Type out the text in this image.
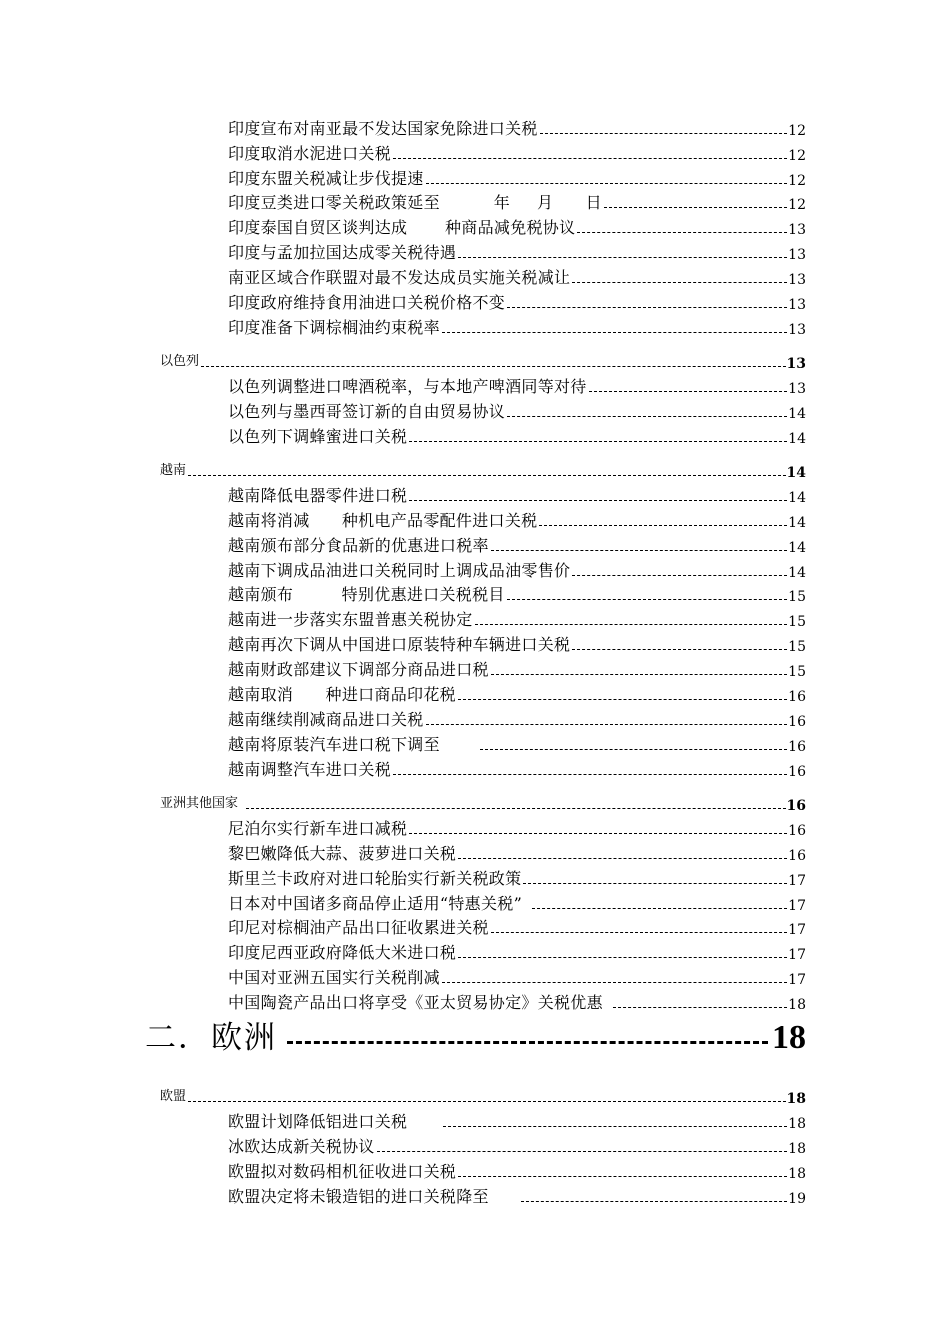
印度宣布对南亚最不发达国家免除进口关税	12
印度取消水泥进口关税	12
印度东盟关税减让步伐提速	12
印度豆类进口零关税政策延至          年     月      日	12
印度泰国自贸区谈判达成       种商品减免税协议	13
印度与孟加拉国达成零关税待遇	13
南亚区域合作联盟对最不发达成员实施关税减让	13
印度政府维持食用油进口关税价格不变	13
印度准备下调棕榈油约束税率	13
以色列	13
以色列调整进口啤酒税率，与本地产啤酒同等对待	13
以色列与墨西哥签订新的自由贸易协议	14
以色列下调蜂蜜进口关税	14
越南	14
越南降低电器零件进口税	14
越南将消减      种机电产品零配件进口关税	14
越南颁布部分食品新的优惠进口税率	14
越南下调成品油进口关税同时上调成品油零售价	14
越南颁布         特别优惠进口关税税目	15
越南进一步落实东盟普惠关税协定	15
越南再次下调从中国进口原装特种车辆进口关税	15
越南财政部建议下调部分商品进口税	15
越南取消      种进口商品印花税	16
越南继续削减商品进口关税	16
越南将原装汽车进口税下调至	16
越南调整汽车进口关税	16
亚洲其他国家	16
尼泊尔实行新车进口减税	16
黎巴嫩降低大蒜、菠萝进口关税	16
斯里兰卡政府对进口轮胎实行新关税政策	17
日本对中国诸多商品停止适用“特惠关税”	17
印尼对棕榈油产品出口征收累进关税	17
印度尼西亚政府降低大米进口税	17
中国对亚洲五国实行关税削减	17
中国陶瓷产品出口将享受《亚太贸易协定》关税优惠	18
二．欧洲	18
欧盟	18
欧盟计划降低铝进口关税	18
冰欧达成新关税协议	18
欧盟拟对数码相机征收进口关税	18
欧盟决定将未锻造铝的进口关税降至	19
